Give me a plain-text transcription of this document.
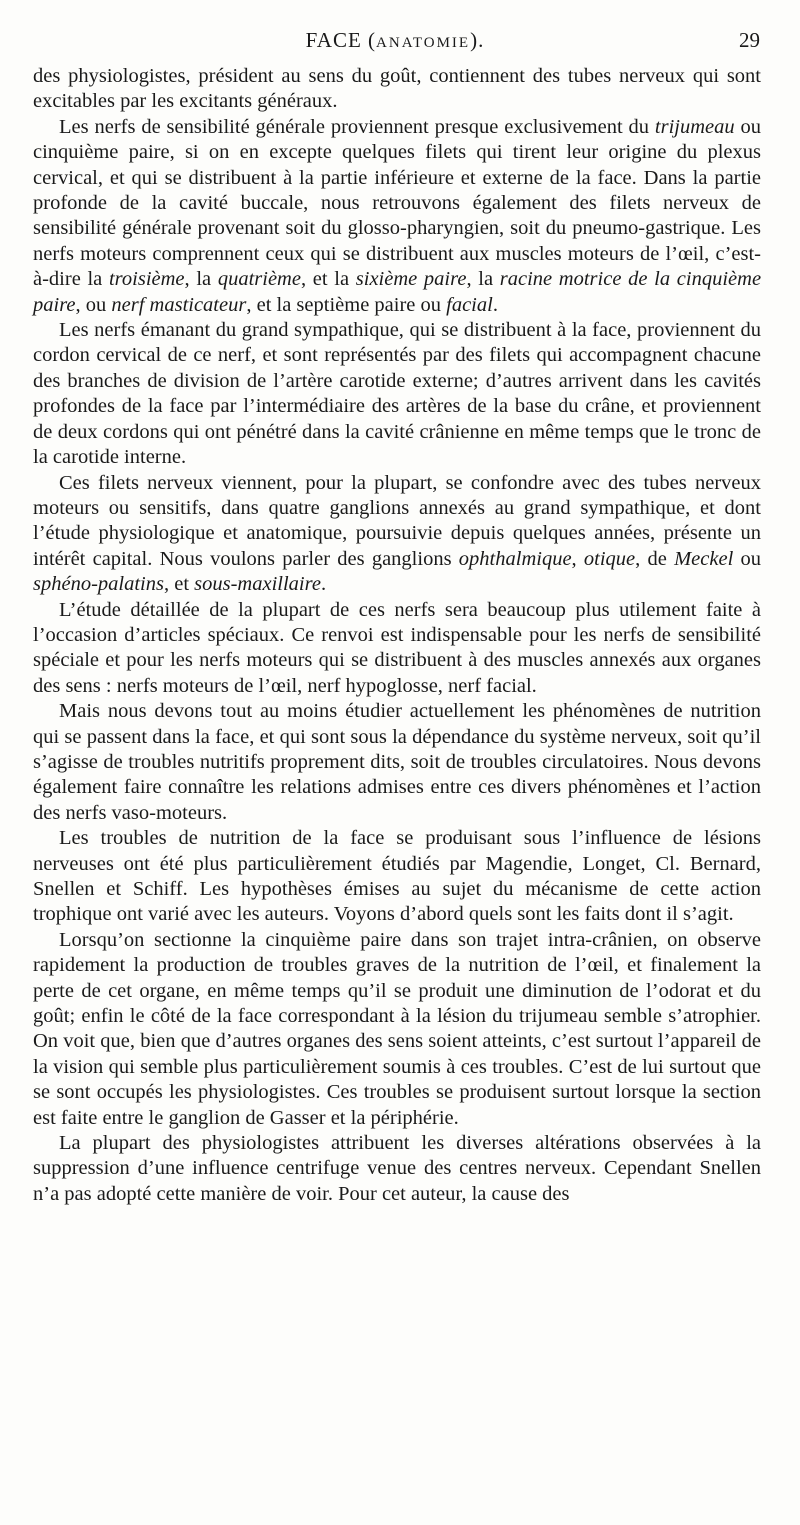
FACE (ANATOMIE).	29

des physiologistes, président au sens du goût, contiennent des tubes nerveux qui sont excitables par les excitants généraux.

Les nerfs de sensibilité générale proviennent presque exclusivement du trijumeau ou cinquième paire, si on en excepte quelques filets qui tirent leur origine du plexus cervical, et qui se distribuent à la partie inférieure et externe de la face. Dans la partie profonde de la cavité buccale, nous retrouvons également des filets nerveux de sensibilité générale provenant soit du glosso-pharyngien, soit du pneumo-gastrique. Les nerfs moteurs comprennent ceux qui se distribuent aux muscles moteurs de l’œil, c’est-à-dire la troisième, la quatrième, et la sixième paire, la racine motrice de la cinquième paire, ou nerf masticateur, et la septième paire ou facial.

Les nerfs émanant du grand sympathique, qui se distribuent à la face, proviennent du cordon cervical de ce nerf, et sont représentés par des filets qui accompagnent chacune des branches de division de l’artère carotide externe; d’autres arrivent dans les cavités profondes de la face par l’intermédiaire des artères de la base du crâne, et proviennent de deux cordons qui ont pénétré dans la cavité crânienne en même temps que le tronc de la carotide interne.

Ces filets nerveux viennent, pour la plupart, se confondre avec des tubes nerveux moteurs ou sensitifs, dans quatre ganglions annexés au grand sympathique, et dont l’étude physiologique et anatomique, poursuivie depuis quelques années, présente un intérêt capital. Nous voulons parler des ganglions ophthalmique, otique, de Meckel ou sphéno-palatins, et sous-maxillaire.

L’étude détaillée de la plupart de ces nerfs sera beaucoup plus utilement faite à l’occasion d’articles spéciaux. Ce renvoi est indispensable pour les nerfs de sensibilité spéciale et pour les nerfs moteurs qui se distribuent à des muscles annexés aux organes des sens : nerfs moteurs de l’œil, nerf hypoglosse, nerf facial.

Mais nous devons tout au moins étudier actuellement les phénomènes de nutrition qui se passent dans la face, et qui sont sous la dépendance du système nerveux, soit qu’il s’agisse de troubles nutritifs proprement dits, soit de troubles circulatoires. Nous devons également faire connaître les relations admises entre ces divers phénomènes et l’action des nerfs vaso-moteurs.

Les troubles de nutrition de la face se produisant sous l’influence de lésions nerveuses ont été plus particulièrement étudiés par Magendie, Longet, Cl. Bernard, Snellen et Schiff. Les hypothèses émises au sujet du mécanisme de cette action trophique ont varié avec les auteurs. Voyons d’abord quels sont les faits dont il s’agit.

Lorsqu’on sectionne la cinquième paire dans son trajet intra-crânien, on observe rapidement la production de troubles graves de la nutrition de l’œil, et finalement la perte de cet organe, en même temps qu’il se produit une diminution de l’odorat et du goût; enfin le côté de la face correspondant à la lésion du trijumeau semble s’atrophier. On voit que, bien que d’autres organes des sens soient atteints, c’est surtout l’appareil de la vision qui semble plus particulièrement soumis à ces troubles. C’est de lui surtout que se sont occupés les physiologistes. Ces troubles se produisent surtout lorsque la section est faite entre le ganglion de Gasser et la périphérie.

La plupart des physiologistes attribuent les diverses altérations observées à la suppression d’une influence centrifuge venue des centres nerveux. Cependant Snellen n’a pas adopté cette manière de voir. Pour cet auteur, la cause des
